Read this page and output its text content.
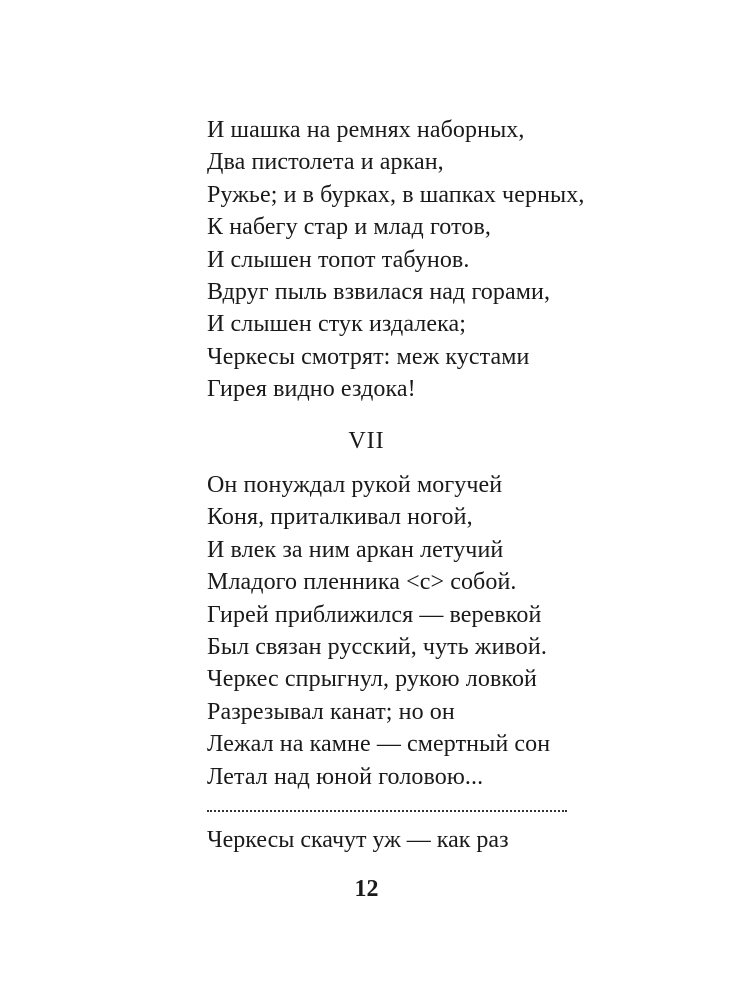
И шашка на ремнях наборных,
Два пистолета и аркан,
Ружье; и в бурках, в шапках черных,
К набегу стар и млад готов,
И слышен топот табунов.
Вдруг пыль взвилася над горами,
И слышен стук издалека;
Черкесы смотрят: меж кустами
Гирея видно ездока!
VII
Он понуждал рукой могучей
Коня, приталкивал ногой,
И влек за ним аркан летучий
Младого пленника <с> собой.
Гирей приближился — веревкой
Был связан русский, чуть живой.
Черкес спрыгнул, рукою ловкой
Разрезывал канат; но он
Лежал на камне — смертный сон
Летал над юной головою...
Черкесы скачут уж — как раз
12
